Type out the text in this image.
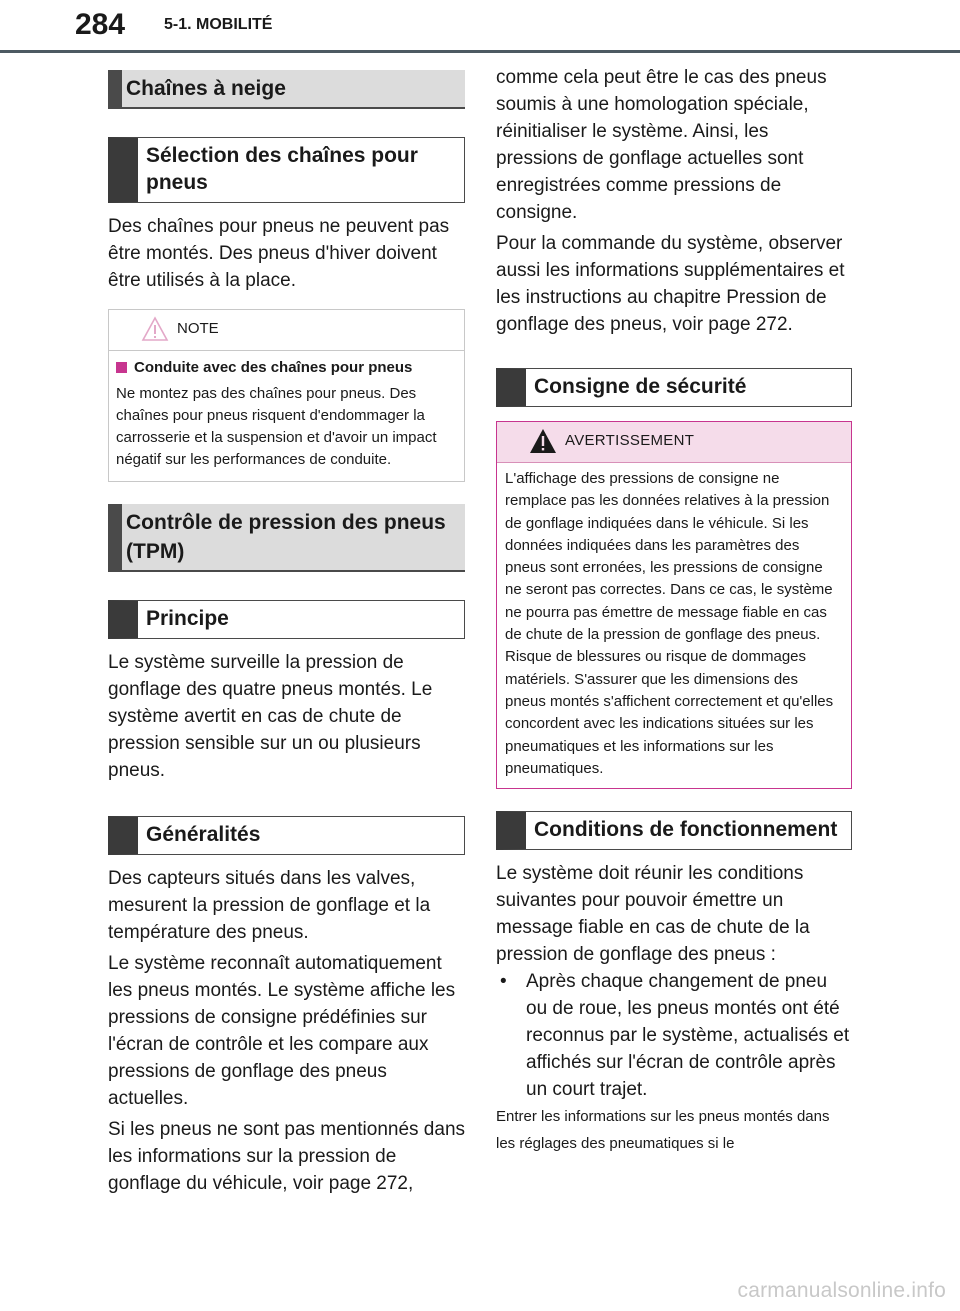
284 5-1. MOBILITÉ
Chaînes à neige
Sélection des chaînes pour pneus

Des chaînes pour pneus ne peuvent pas être montés. Des pneus d'hiver doivent être utilisés à la place.

NOTE
Conduite avec des chaînes pour pneus
Ne montez pas des chaînes pour pneus. Des chaînes pour pneus risquent d'endommager la carrosserie et la suspension et d'avoir un impact négatif sur les performances de conduite.
Contrôle de pression des pneus (TPM)
Principe

Le système surveille la pression de gonflage des quatre pneus montés. Le système avertit en cas de chute de pression sensible sur un ou plusieurs pneus.

Généralités

Des capteurs situés dans les valves, mesurent la pression de gonflage et la température des pneus.

Le système reconnaît automatiquement les pneus montés. Le système affiche les pressions de consigne prédéfinies sur l'écran de contrôle et les compare aux pressions de gonflage des pneus actuelles.

Si les pneus ne sont pas mentionnés dans les informations sur la pression de gonflage du véhicule, voir page 272,

comme cela peut être le cas des pneus soumis à une homologation spéciale, réinitialiser le système. Ainsi, les pressions de gonflage actuelles sont enregistrées comme pressions de consigne.

Pour la commande du système, observer aussi les informations supplémentaires et les instructions au chapitre Pression de gonflage des pneus, voir page 272.

Consigne de sécurité
AVERTISSEMENT
L'affichage des pressions de consigne ne remplace pas les données relatives à la pression de gonflage indiquées dans le véhicule. Si les données indiquées dans les paramètres des pneus sont erronées, les pressions de consigne ne seront pas correctes. Dans ce cas, le système ne pourra pas émettre de message fiable en cas de chute de la pression de gonflage des pneus. Risque de blessures ou risque de dommages matériels. S'assurer que les dimensions des pneus montés s'affichent correctement et qu'elles concordent avec les indications situées sur les pneumatiques et les informations sur les pneumatiques.
Conditions de fonctionnement

Le système doit réunir les conditions suivantes pour pouvoir émettre un message fiable en cas de chute de la pression de gonflage des pneus :

•	Après chaque changement de pneu ou de roue, les pneus montés ont été reconnus par le système, actualisés et affichés sur l'écran de contrôle après un court trajet.

Entrer les informations sur les pneus montés dans les réglages des pneumatiques si le

carmanualsonline.info
